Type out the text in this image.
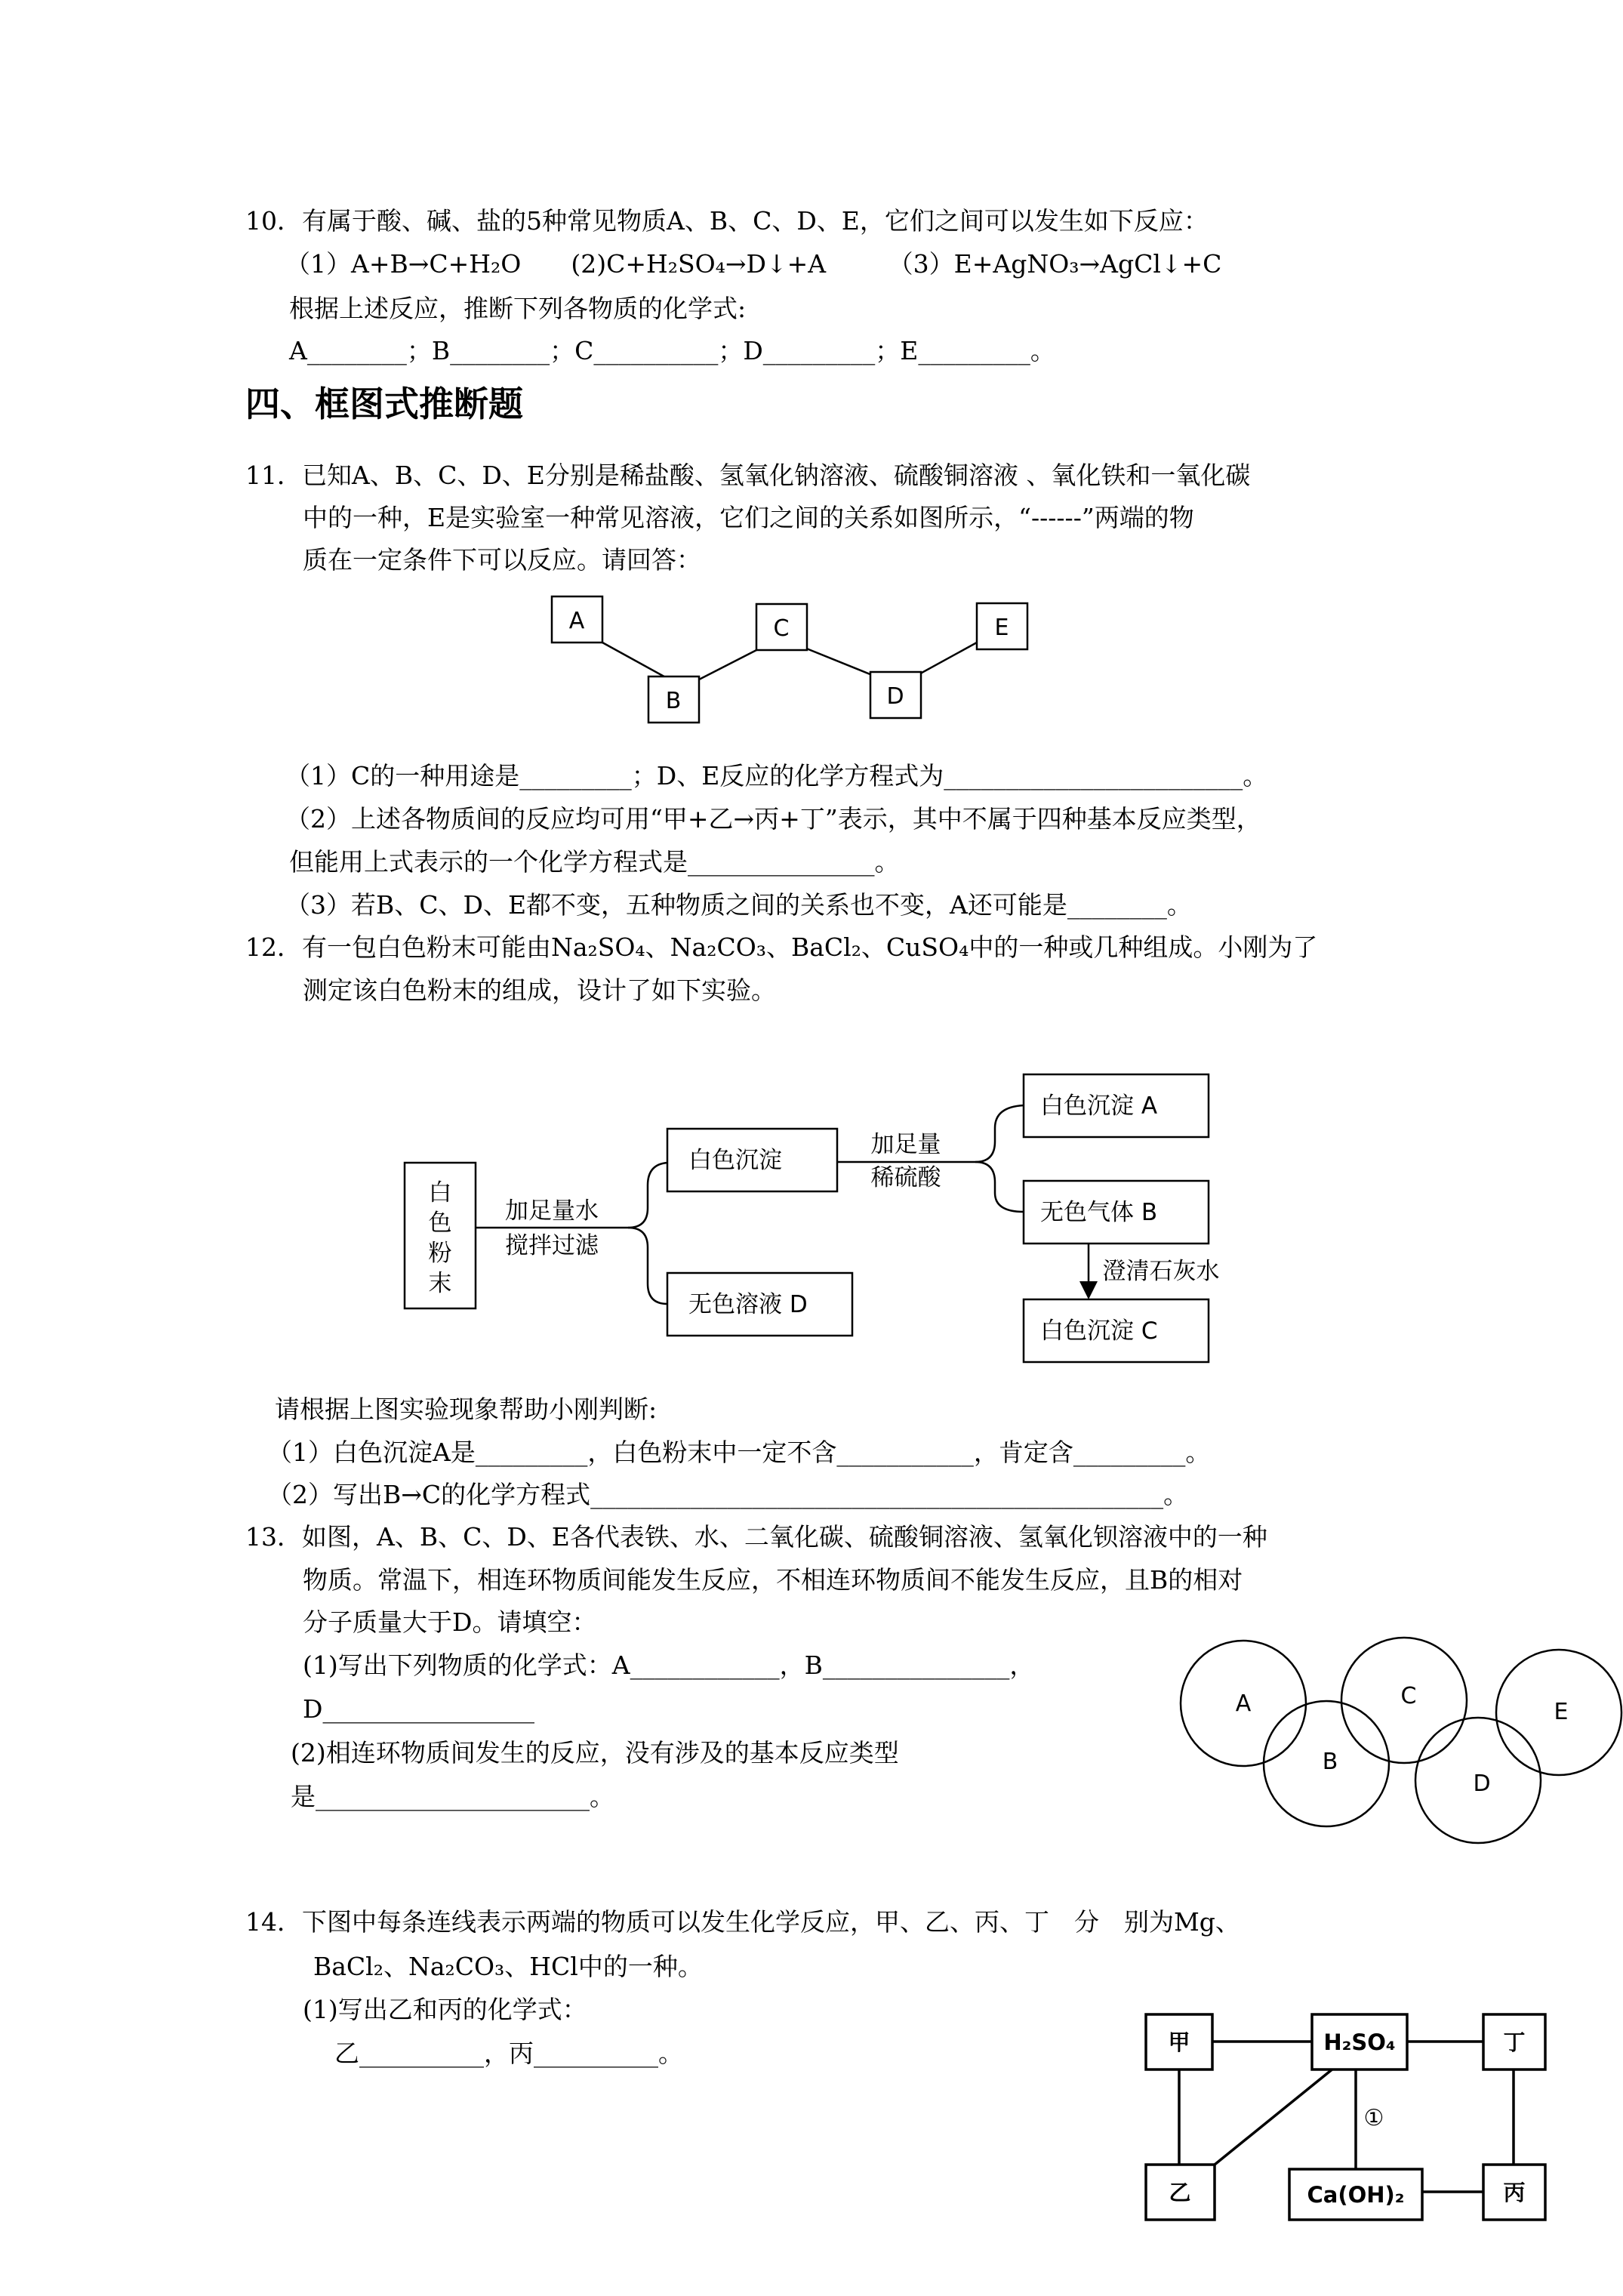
10．有属于酸、碱、盐的5种常见物质A、B、C、D、E，它们之间可以发生如下反应：
（1）A+B→C+H₂O　　(2)C+H₂SO₄→D↓+A　　　（3）E+AgNO₃→AgCl↓+C
根据上述反应，推断下列各物质的化学式:
A________；B________；C__________；D_________；E_________。
四、框图式推断题
11．已知A、B、C、D、E分别是稀盐酸、氢氧化钠溶液、硫酸铜溶液 、氧化铁和一氧化碳
中的一种，E是实验室一种常见溶液，它们之间的关系如图所示，“------”两端的物
质在一定条件下可以反应。请回答：
A
B
C
D
E
（1）C的一种用途是_________；D、E反应的化学方程式为________________________。
（2）上述各物质间的反应均可用“甲+乙→丙+丁”表示，其中不属于四种基本反应类型，
但能用上式表示的一个化学方程式是_______________。
（3）若B、C、D、E都不变，五种物质之间的关系也不变，A还可能是________。
12．有一包白色粉末可能由Na₂SO₄、Na₂CO₃、BaCl₂、CuSO₄中的一种或几种组成。小刚为了
测定该白色粉末的组成，设计了如下实验。
白
色
粉
末
加足量水
搅拌过滤
加足量
稀硫酸
澄清石灰水
白色沉淀
无色溶液 D
白色沉淀 A
无色气体 B
白色沉淀 C
请根据上图实验现象帮助小刚判断:
（1）白色沉淀A是_________，白色粉末中一定不含___________，肯定含_________。
（2）写出B→C的化学方程式______________________________________________。
13．如图，A、B、C、D、E各代表铁、水、二氧化碳、硫酸铜溶液、氢氧化钡溶液中的一种
物质。常温下，相连环物质间能发生反应，不相连环物质间不能发生反应，且B的相对
分子质量大于D。请填空：
(1)写出下列物质的化学式：A____________，B_______________，
D_________________
(2)相连环物质间发生的反应，没有涉及的基本反应类型
是______________________。
A
B
C
D
E
14．下图中每条连线表示两端的物质可以发生化学反应，甲、乙、丙、丁　分　别为Mg、
BaCl₂、Na₂CO₃、HCl中的一种。
(1)写出乙和丙的化学式：
乙__________，丙__________。	甲	H₂SO₄	丁
乙	Ca(OH)₂	丙
①
